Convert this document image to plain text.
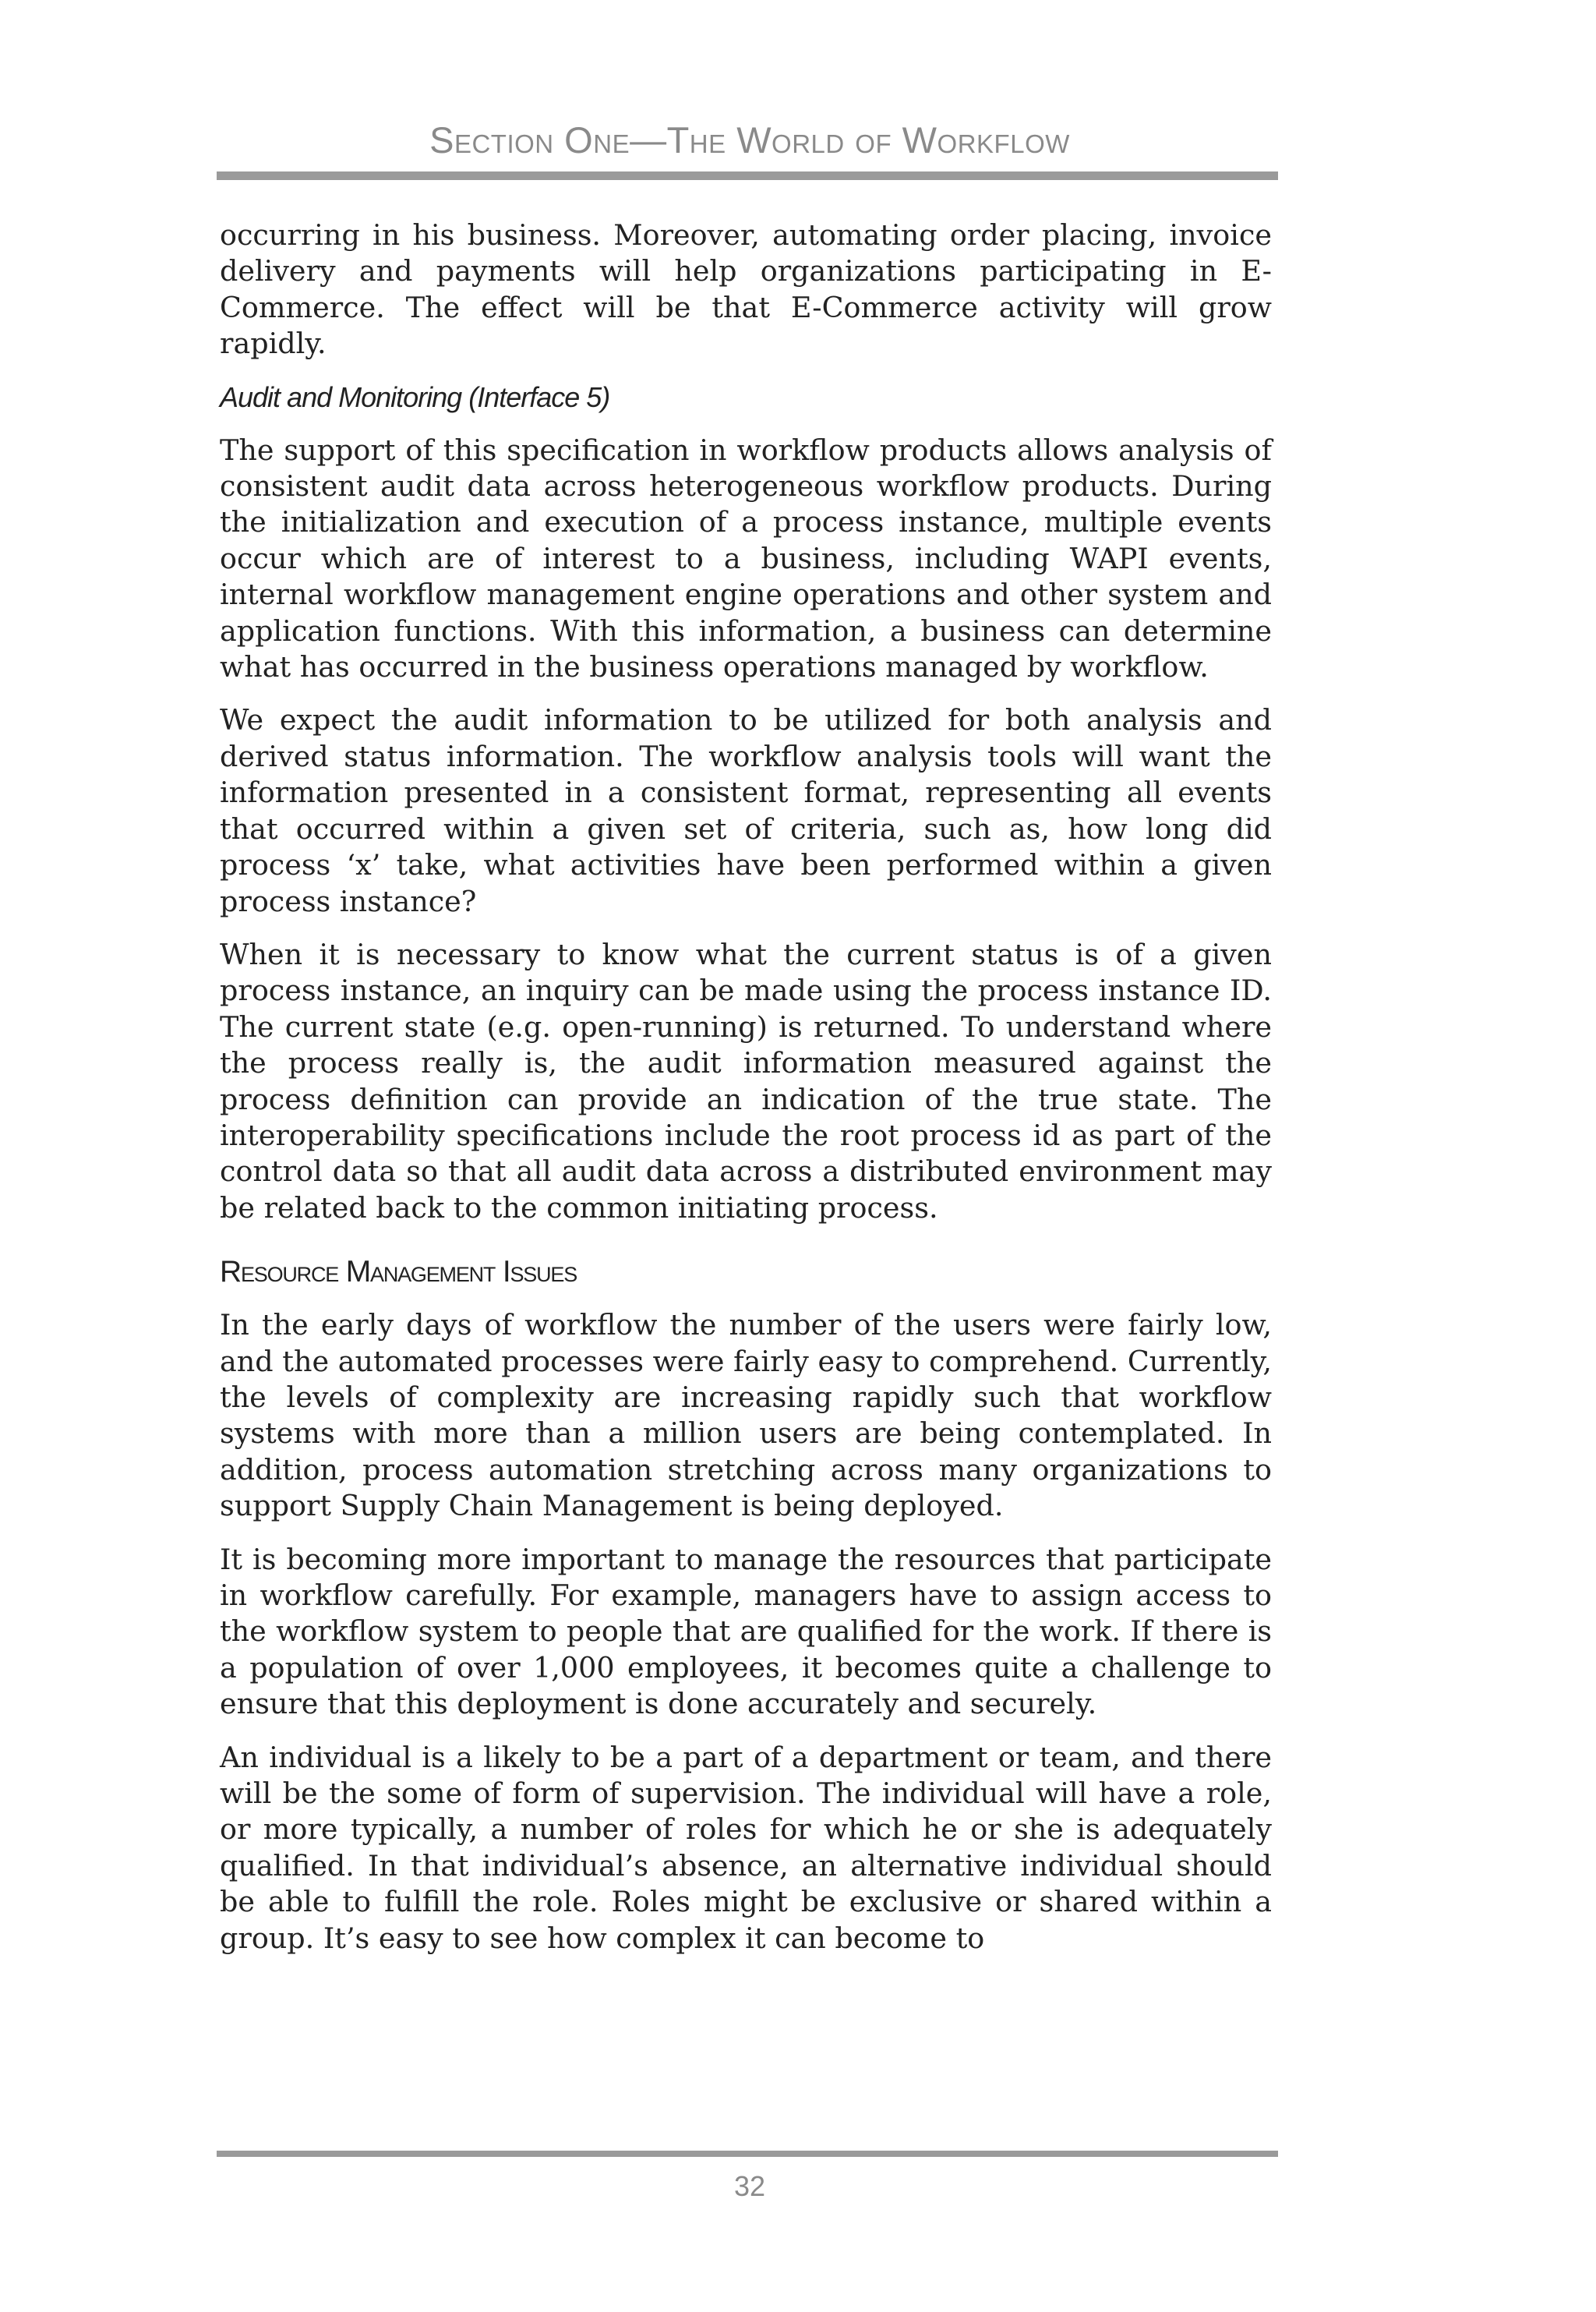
Section One—The World of Workflow

occurring in his business. Moreover, automating order placing, invoice delivery and payments will help organizations participating in E-Commerce. The effect will be that E-Commerce activity will grow rapidly.

Audit and Monitoring (Interface 5)

The support of this specification in workflow products allows analysis of consistent audit data across heterogeneous workflow products. During the initialization and execution of a process instance, multiple events occur which are of interest to a business, including WAPI events, internal workflow management engine operations and other system and application functions. With this information, a business can determine what has occurred in the business operations managed by workflow.

We expect the audit information to be utilized for both analysis and derived status information. The workflow analysis tools will want the information presented in a consistent format, representing all events that occurred within a given set of criteria, such as, how long did process ‘x’ take, what activities have been performed within a given process instance?

When it is necessary to know what the current status is of a given process instance, an inquiry can be made using the process instance ID. The current state (e.g. open-running) is returned. To understand where the process really is, the audit information measured against the process definition can provide an indication of the true state. The interoperability specifications include the root process id as part of the control data so that all audit data across a distributed environment may be related back to the common initiating process.

Resource Management Issues

In the early days of workflow the number of the users were fairly low, and the automated processes were fairly easy to comprehend. Currently, the levels of complexity are increasing rapidly such that workflow systems with more than a million users are being contemplated. In addition, process automation stretching across many organizations to support Supply Chain Management is being deployed.

It is becoming more important to manage the resources that participate in workflow carefully. For example, managers have to assign access to the workflow system to people that are qualified for the work. If there is a population of over 1,000 employees, it becomes quite a challenge to ensure that this deployment is done accurately and securely.

An individual is a likely to be a part of a department or team, and there will be the some of form of supervision. The individual will have a role, or more typically, a number of roles for which he or she is adequately qualified. In that individual’s absence, an alternative individual should be able to fulfill the role. Roles might be exclusive or shared within a group. It’s easy to see how complex it can become to

32
